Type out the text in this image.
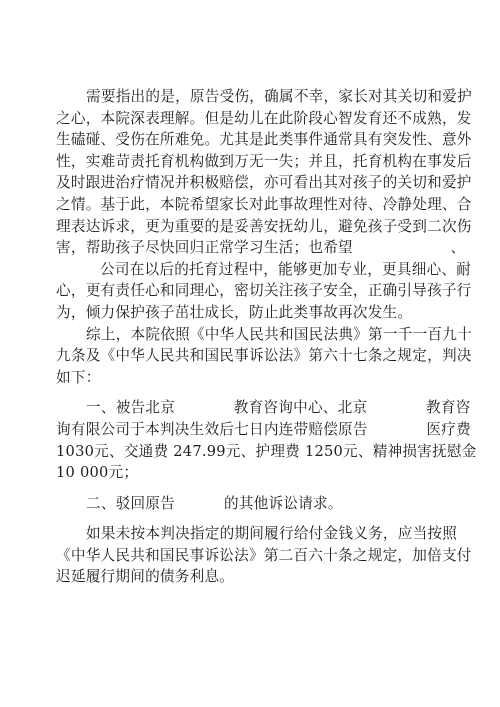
需要指出的是，原告受伤，确属不幸，家长对其关切和爱护
之心，本院深表理解。但是幼儿在此阶段心智发育还不成熟，发
生磕碰、受伤在所难免。尤其是此类事件通常具有突发性、意外
性，实难苛责托育机构做到万无一失；并且，托育机构在事发后
及时跟进治疗情况并积极赔偿，亦可看出其对孩子的关切和爱护
之情。基于此，本院希望家长对此事故理性对待、冷静处理、合
理表达诉求，更为重要的是妥善安抚幼儿，避免孩子受到二次伤
害，帮助孩子尽快回归正常学习生活；也希望                    、
公司在以后的托育过程中，能够更加专业，更具细心、耐
心，更有责任心和同理心，密切关注孩子安全，正确引导孩子行
为，倾力保护孩子茁壮成长，防止此类事故再次发生。
综上，本院依照《中华人民共和国民法典》第一千一百九十
九条及《中华人民共和国民事诉讼法》第六十七条之规定，判决
如下：
一、被告北京            教育咨询中心、北京            教育咨
询有限公司于本判决生效后七日内连带赔偿原告            医疗费
1030元、交通费 247.99元、护理费 1250元、精神损害抚慰金
10 000元；
二、驳回原告          的其他诉讼请求。
如果未按本判决指定的期间履行给付金钱义务，应当按照
《中华人民共和国民事诉讼法》第二百六十条之规定，加倍支付
迟延履行期间的债务利息。
